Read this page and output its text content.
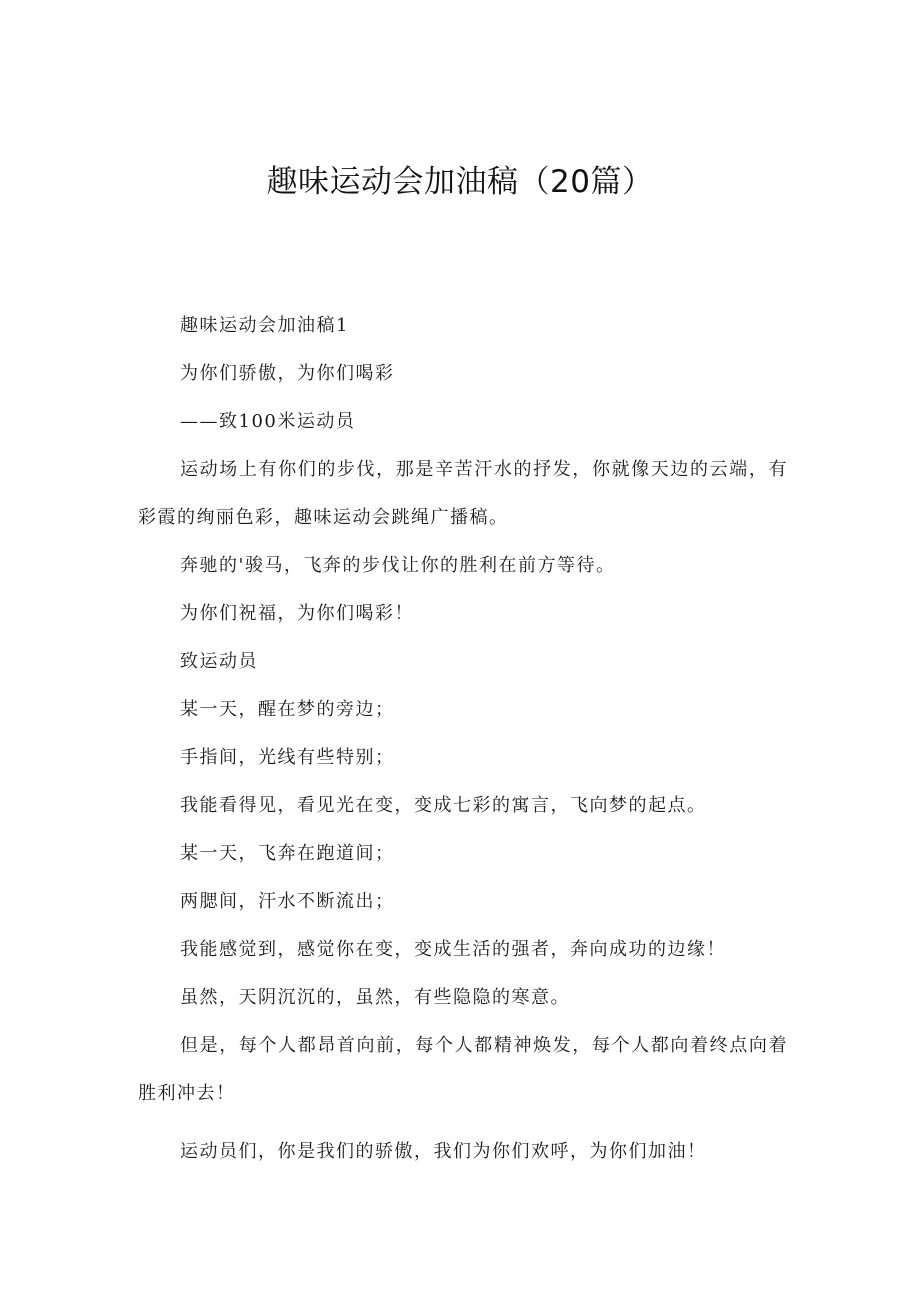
趣味运动会加油稿（20篇）

趣味运动会加油稿1

为你们骄傲，为你们喝彩

——致100米运动员

运动场上有你们的步伐，那是辛苦汗水的抒发，你就像天边的云端，有彩霞的绚丽色彩，趣味运动会跳绳广播稿。

奔驰的'骏马，飞奔的步伐让你的胜利在前方等待。

为你们祝福，为你们喝彩！

致运动员

某一天，醒在梦的旁边；

手指间，光线有些特别；

我能看得见，看见光在变，变成七彩的寓言，飞向梦的起点。

某一天，飞奔在跑道间；

两腮间，汗水不断流出；

我能感觉到，感觉你在变，变成生活的强者，奔向成功的边缘！

虽然，天阴沉沉的，虽然，有些隐隐的寒意。

但是，每个人都昂首向前，每个人都精神焕发，每个人都向着终点向着胜利冲去！

运动员们，你是我们的骄傲，我们为你们欢呼，为你们加油！
